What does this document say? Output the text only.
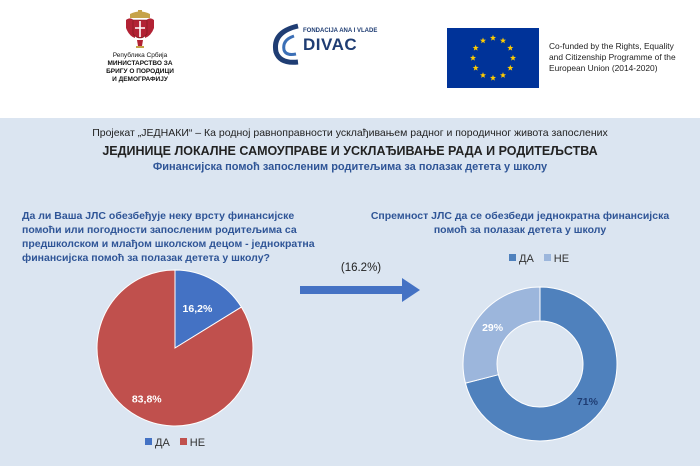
Република Србија
МИНИСТАРСТВО ЗА
БРИГУ О ПОРОДИЦИ
И ДЕМОГРАФИЈУ
FONDACIJA ANA I VLADE
DIVAC	Co-funded by the Rights, Equality
and Citizenship Programme of the
European Union (2014-2020)
Пројекат „ЈЕДНАКИ“ – Ка родној равноправности усклађивањем радног и породичног живота запослених
ЈЕДИНИЦЕ ЛОКАЛНЕ САМОУПРАВЕ И УСКЛАЂИВАЊЕ РАДА И РОДИТЕЉСТВА
Финансијска помоћ запосленим родитељима за полазак детета у школу
Да ли Ваша ЈЛС обезбеђује неку врсту финансијске
помоћи или погодности запосленим родитељима са
предшколском и млађом школском децом - једнократна
финансијска помоћ за полазак детета у школу?
Спремност ЈЛС да се обезбеди једнократна финансијска
помоћ за полазак детета у школу
(16.2%)
16,2%
83,8%	71%
29%
ДА НЕ
ДА НЕ
